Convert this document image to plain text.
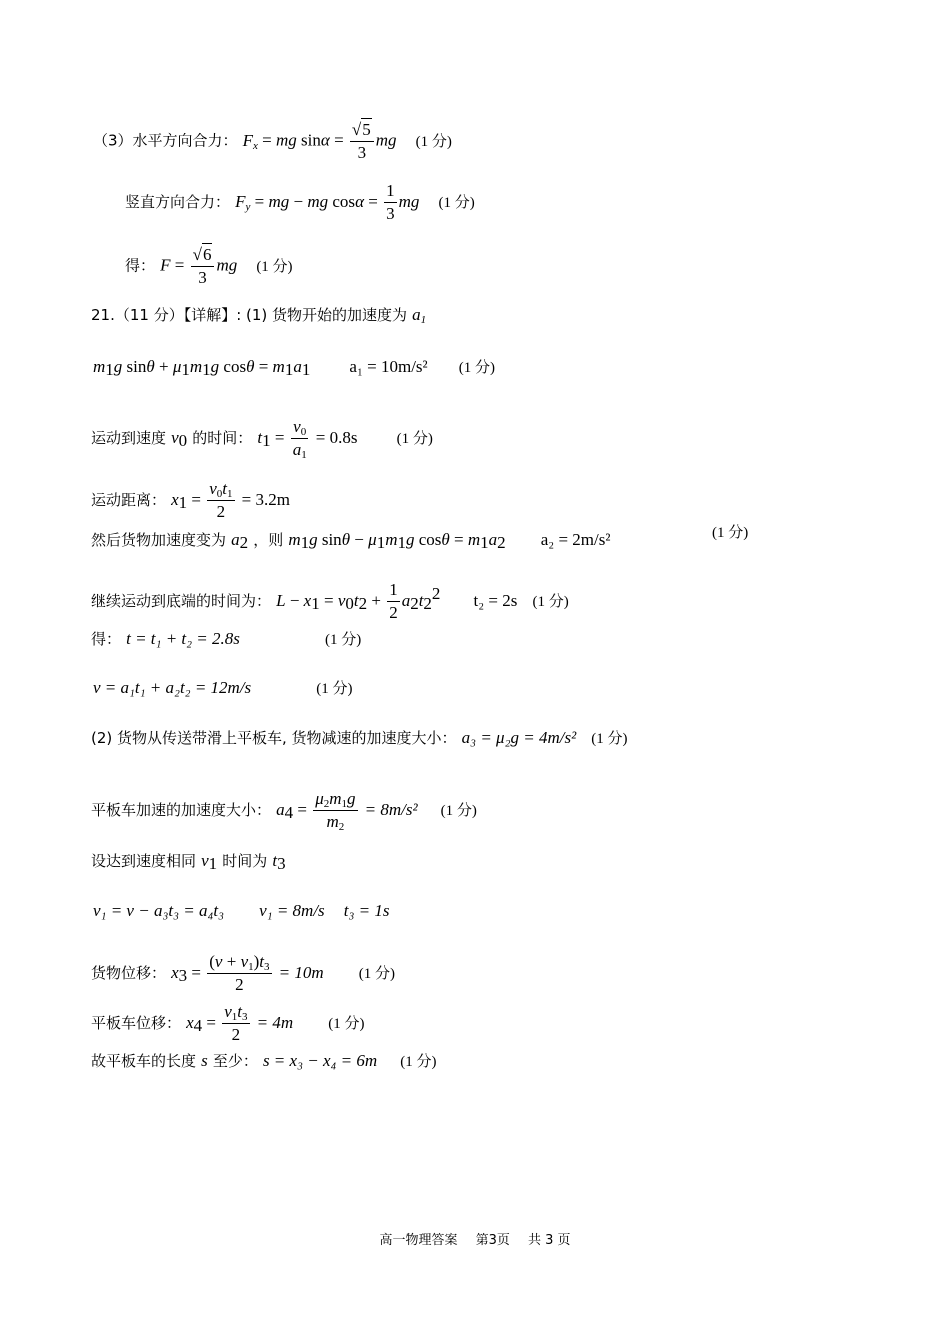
（3）水平方向合力： $F_x$ = mg $\sin\alpha = \frac{√ 5}{3}$ mg (1 分)
竖直方向合力： $F_y$ = mg − mg $\cos\alpha = \frac{1}{3}$ mg (1 分)
得： $F = \frac{√ 6}{3}$ mg (1 分)
21.（11 分）【详解】: (1) 货物开始的加速度为 $a_1$
$m_1g$ $\sin\theta + \mu_1m_1g$ $\cos\theta = m_1a_1$ a₁ = 10m/s² (1 分)
运动到速度 $v_0$ 的时间： $t_1 = \frac{v_0}{a_1} = 0.8s$	(1 分)
运动距离： $x_1 = \frac{v_0t_1}{2} = 3.2m$
然后货物加速度变为 $a_2$ ，则 $m_1g$ $\sin\theta - \mu_1m_1g$ $\cos\theta = m_1a_2$ a₂ = 2m/s²	(1 分)
继续运动到底端的时间为： $L - x_1 = v_0t_2 + \frac{1}{2} a_2t_2^2$ t₂ = 2s (1 分)
得： t = t₁ + t₂ = 2.8s	(1 分)
v = a₁t₁ + a₂t₂ = 12m/s	(1 分)
(2) 货物从传送带滑上平板车, 货物减速的加速度大小： a₃ = μ₂g = 4m/s² (1 分)
平板车加速的加速度大小： $a_4 = \frac{\mu_2m_1g}{m_2} = 8m/s^2$ (1 分)
设达到速度相同 $v_1$ 时间为 $t_3$
v₁ = v − a₃t₃ = a₄t₃ v₁ = 8m/s t₃ = 1s
货物位移： $x_3 = \frac{(v + v_1)t_3}{2} = 10m$ (1 分)
平板车位移： $x_4 = \frac{v_1t_3}{2} = 4m$ (1 分)
故平板车的长度 s 至少： s = x₃ − x₄ = 6m (1 分)
高一物理答案 第3页 共 3 页
